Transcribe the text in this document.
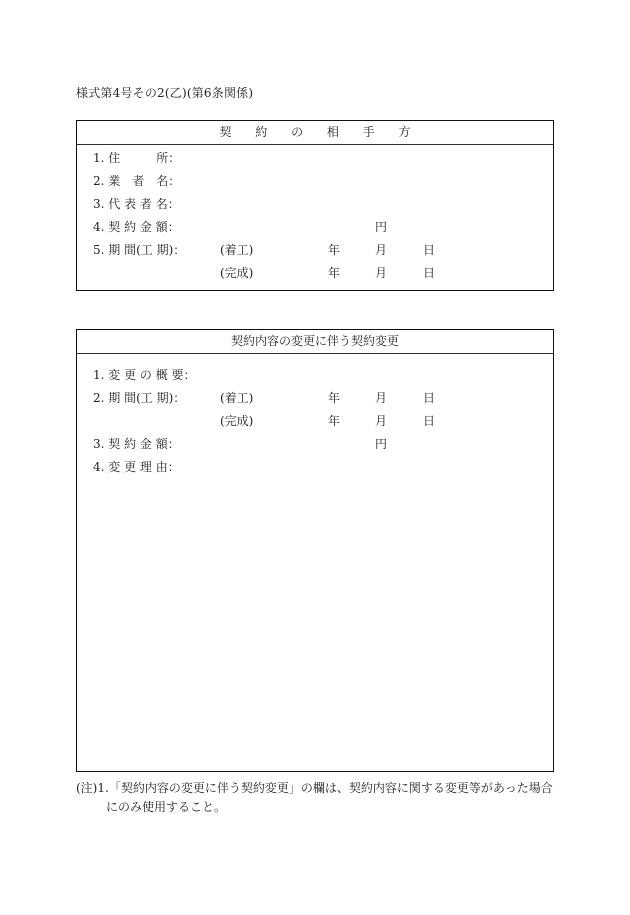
様式第4号その2(乙)(第6条関係)
契 約 の 相 手 方
1. 住　　　所：
2. 業　者　名：
3. 代 表 者 名：
4. 契 約 金 額：	円
5. 期 間(工 期)：	(着工)	年	月	日
(完成)	年	月	日
契約内容の変更に伴う契約変更
1. 変 更 の 概 要：
2. 期 間(工 期)：	(着工)	年	月	日
(完成)	年	月	日
3. 契 約 金 額：	円
4. 変 更 理 由：
(注)1.「契約内容の変更に伴う契約変更」の欄は、契約内容に関する変更等があった場合
にのみ使用すること。
